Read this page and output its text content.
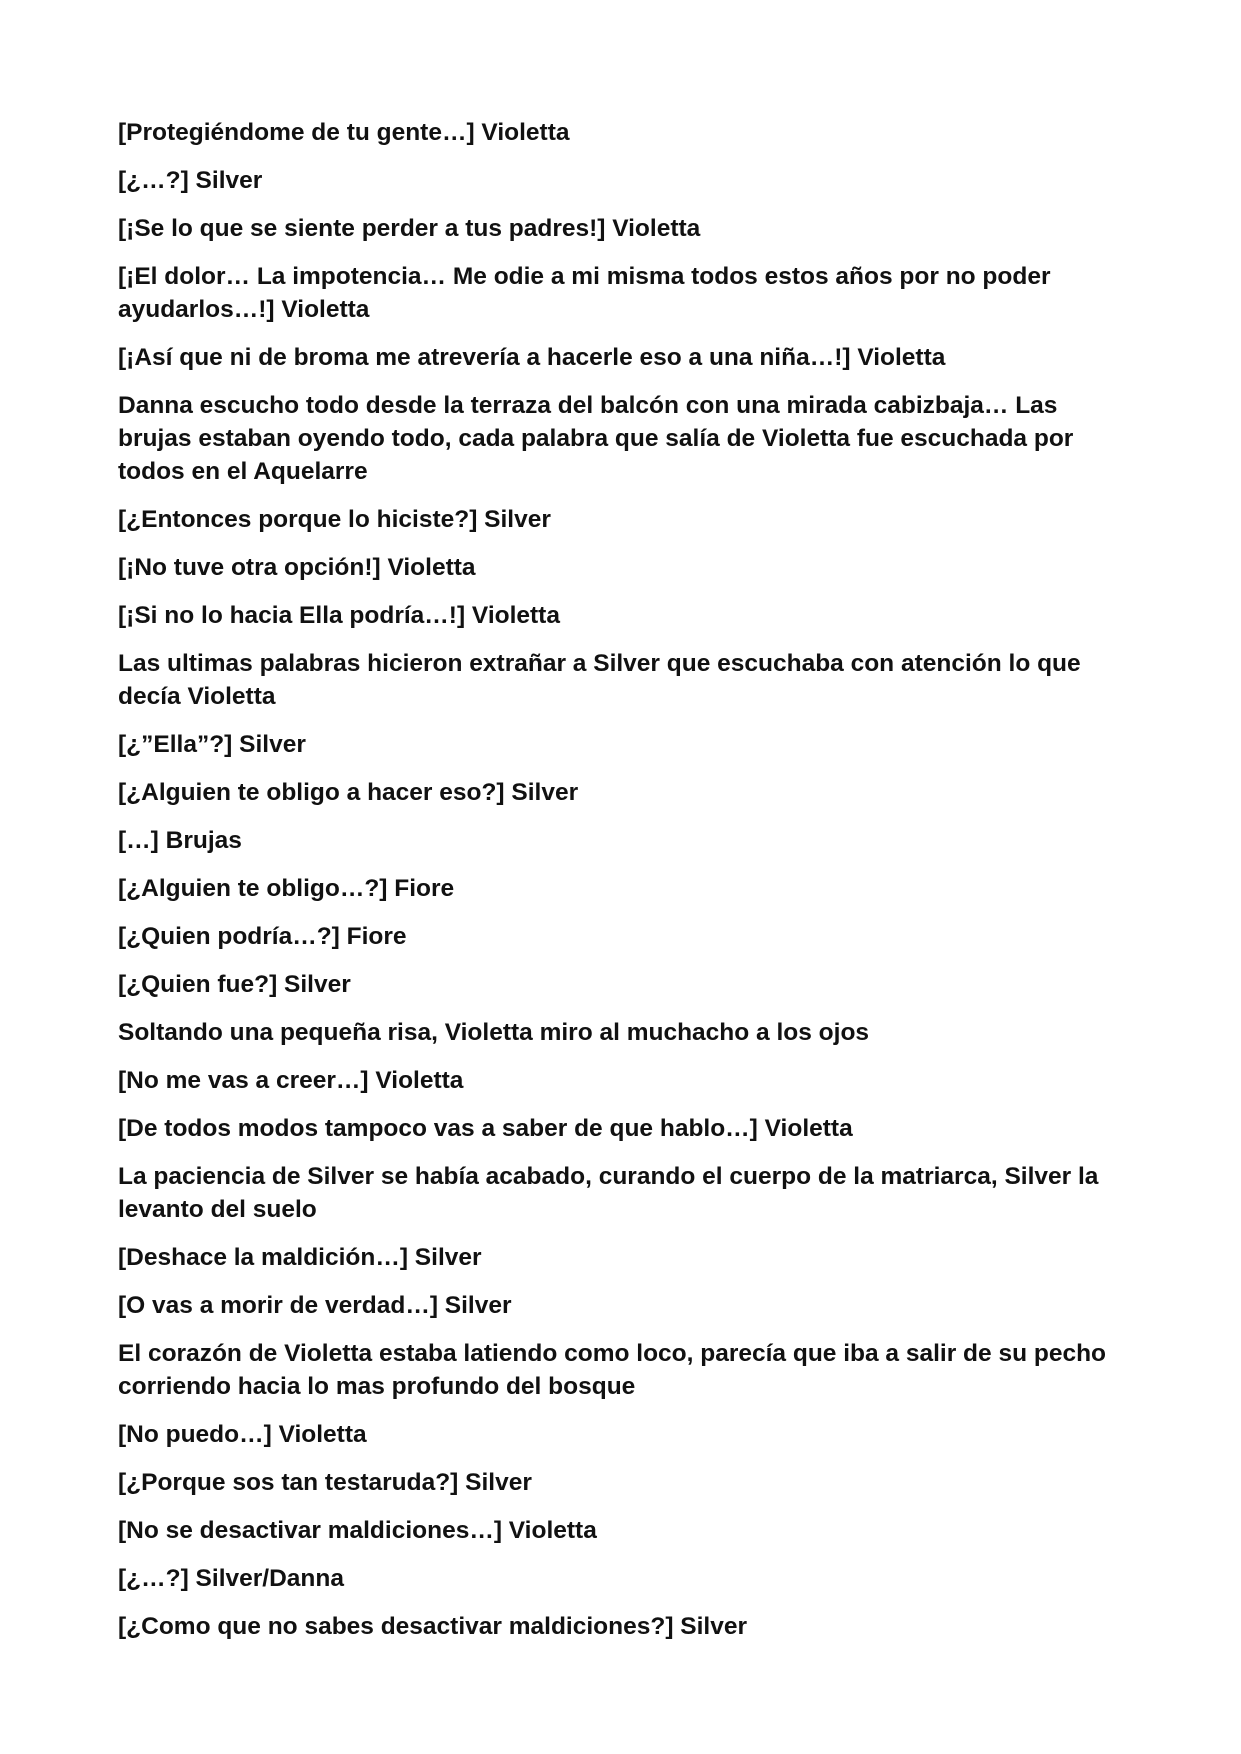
[Protegiéndome de tu gente…] Violetta

[¿…?] Silver

[¡Se lo que se siente perder a tus padres!] Violetta

[¡El dolor… La impotencia… Me odie a mi misma todos estos años por no poder ayudarlos…!] Violetta

[¡Así que ni de broma me atrevería a hacerle eso a una niña…!] Violetta

Danna escucho todo desde la terraza del balcón con una mirada cabizbaja… Las brujas estaban oyendo todo, cada palabra que salía de Violetta fue escuchada por todos en el Aquelarre

[¿Entonces porque lo hiciste?] Silver

[¡No tuve otra opción!] Violetta

[¡Si no lo hacia Ella podría…!] Violetta

Las ultimas palabras hicieron extrañar a Silver que escuchaba con atención lo que decía Violetta

[¿”Ella”?] Silver

[¿Alguien te obligo a hacer eso?] Silver

[…] Brujas

[¿Alguien te obligo…?] Fiore

[¿Quien podría…?] Fiore

[¿Quien fue?] Silver

Soltando una pequeña risa, Violetta miro al muchacho a los ojos

[No me vas a creer…] Violetta

[De todos modos tampoco vas a saber de que hablo…] Violetta

La paciencia de Silver se había acabado, curando el cuerpo de la matriarca, Silver la levanto del suelo

[Deshace la maldición…] Silver

[O vas a morir de verdad…] Silver

El corazón de Violetta estaba latiendo como loco, parecía que iba a salir de su pecho corriendo hacia lo mas profundo del bosque

[No puedo…] Violetta

[¿Porque sos tan testaruda?] Silver

[No se desactivar maldiciones…] Violetta

[¿…?] Silver/Danna

[¿Como que no sabes desactivar maldiciones?] Silver
